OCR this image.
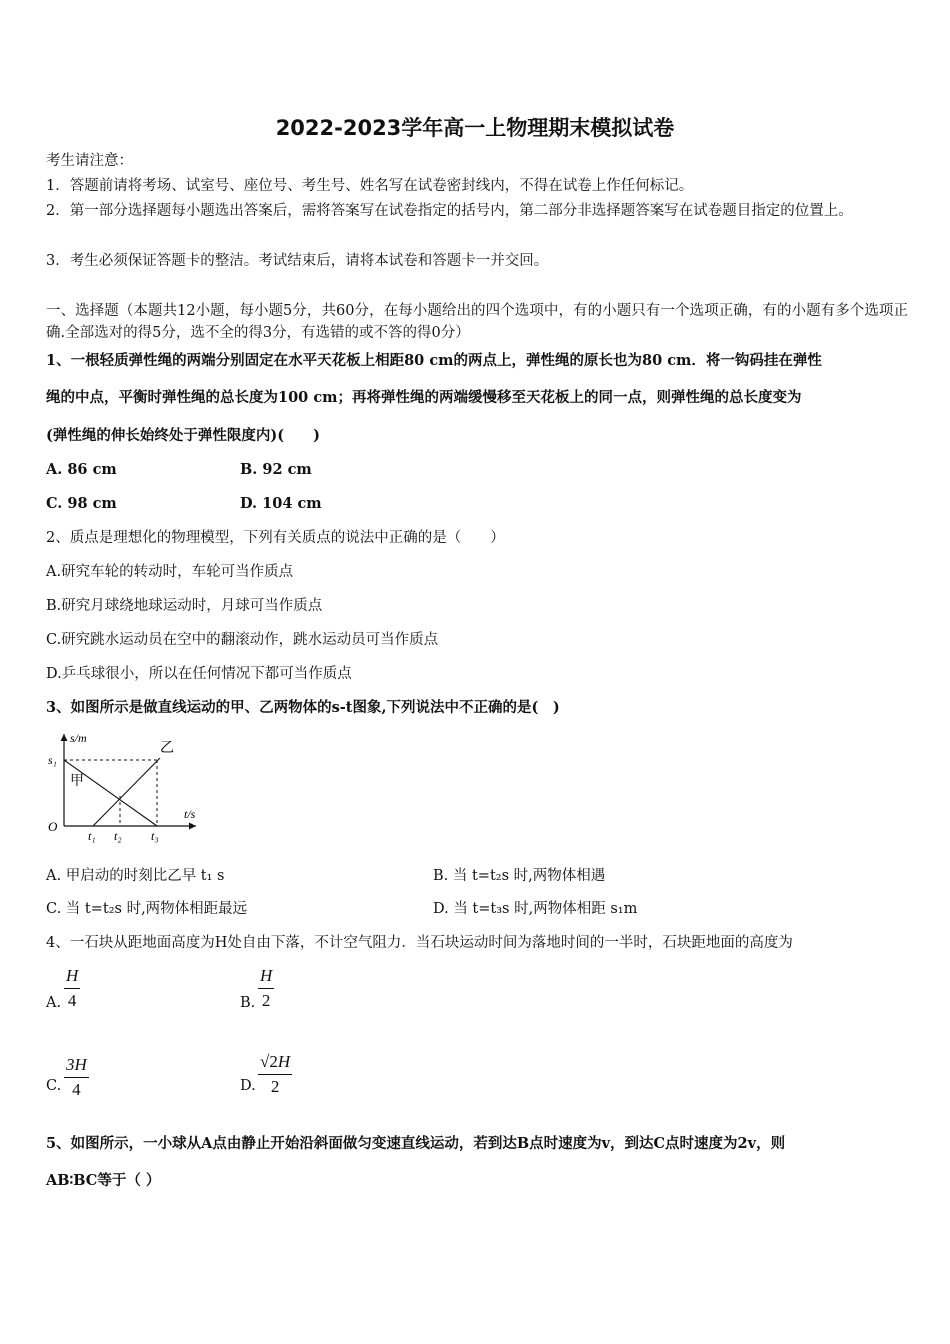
2022-2023学年高一上物理期末模拟试卷
考生请注意：
1．答题前请将考场、试室号、座位号、考生号、姓名写在试卷密封线内，不得在试卷上作任何标记。
2．第一部分选择题每小题选出答案后，需将答案写在试卷指定的括号内，第二部分非选择题答案写在试卷题目指定的位置上。
3．考生必须保证答题卡的整洁。考试结束后，请将本试卷和答题卡一并交回。
一、选择题（本题共12小题，每小题5分，共60分，在每小题给出的四个选项中，有的小题只有一个选项正确，有的小题有多个选项正确.全部选对的得5分，选不全的得3分，有选错的或不答的得0分）
1、一根轻质弹性绳的两端分别固定在水平天花板上相距80 cm的两点上，弹性绳的原长也为80 cm．将一钩码挂在弹性
绳的中点，平衡时弹性绳的总长度为100 cm；再将弹性绳的两端缓慢移至天花板上的同一点，则弹性绳的总长度变为
(弹性绳的伸长始终处于弹性限度内)(　　)
A. 86 cm	B. 92 cm
C. 98 cm	D. 104 cm
2、质点是理想化的物理模型，下列有关质点的说法中正确的是（　　）
A.研究车轮的转动时，车轮可当作质点
B.研究月球绕地球运动时，月球可当作质点
C.研究跳水运动员在空中的翻滚动作，跳水运动员可当作质点
D.乒乓球很小，所以在任何情况下都可当作质点
3、如图所示是做直线运动的甲、乙两物体的s-t图象,下列说法中不正确的是(　)
s/m
t/s
O
s₁
甲
乙
t₁ t₂ t₃
A. 甲启动的时刻比乙早 t₁ s	B. 当 t=t₂s 时,两物体相遇
C. 当 t=t₂s 时,两物体相距最远	D. 当 t=t₃s 时,两物体相距 s₁m
4、一石块从距地面高度为H处自由下落，不计空气阻力．当石块运动时间为落地时间的一半时，石块距地面的高度为
A. $\frac{H}{4}$	B. $\frac{H}{2}$
C. $\frac{3H}{4}$	D. $\frac{√2H}{2}$
5、如图所示，一小球从A点由静止开始沿斜面做匀变速直线运动，若到达B点时速度为v，到达C点时速度为2v，则
AB∶BC等于（ ）
